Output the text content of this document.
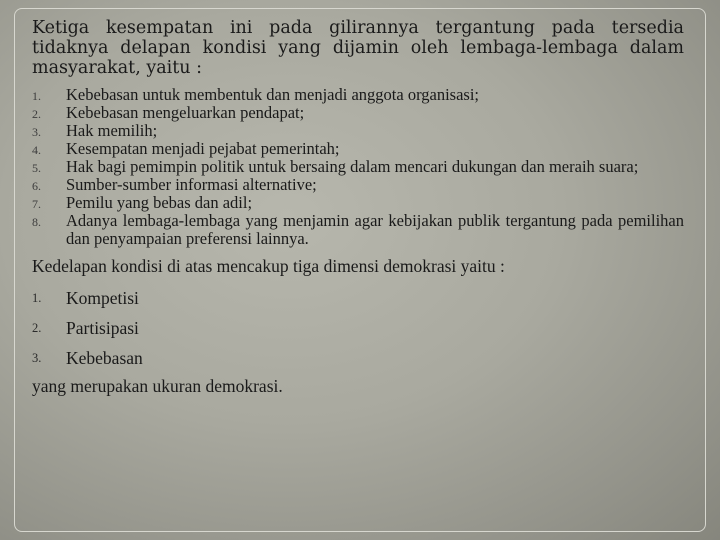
Ketiga kesempatan ini pada gilirannya tergantung pada tersedia tidaknya delapan kondisi yang dijamin oleh lembaga-lembaga dalam masyarakat, yaitu :

1. Kebebasan untuk membentuk dan menjadi anggota organisasi;
2. Kebebasan mengeluarkan pendapat;
3. Hak memilih;
4. Kesempatan menjadi pejabat pemerintah;
5. Hak bagi pemimpin politik untuk bersaing dalam mencari dukungan dan meraih suara;
6. Sumber-sumber informasi alternative;
7. Pemilu yang bebas dan adil;
8. Adanya lembaga-lembaga yang menjamin agar kebijakan publik tergantung pada pemilihan dan penyampaian preferensi lainnya.

Kedelapan kondisi di atas mencakup tiga dimensi demokrasi yaitu :

1. Kompetisi
2. Partisipasi
3. Kebebasan

yang merupakan ukuran demokrasi.
